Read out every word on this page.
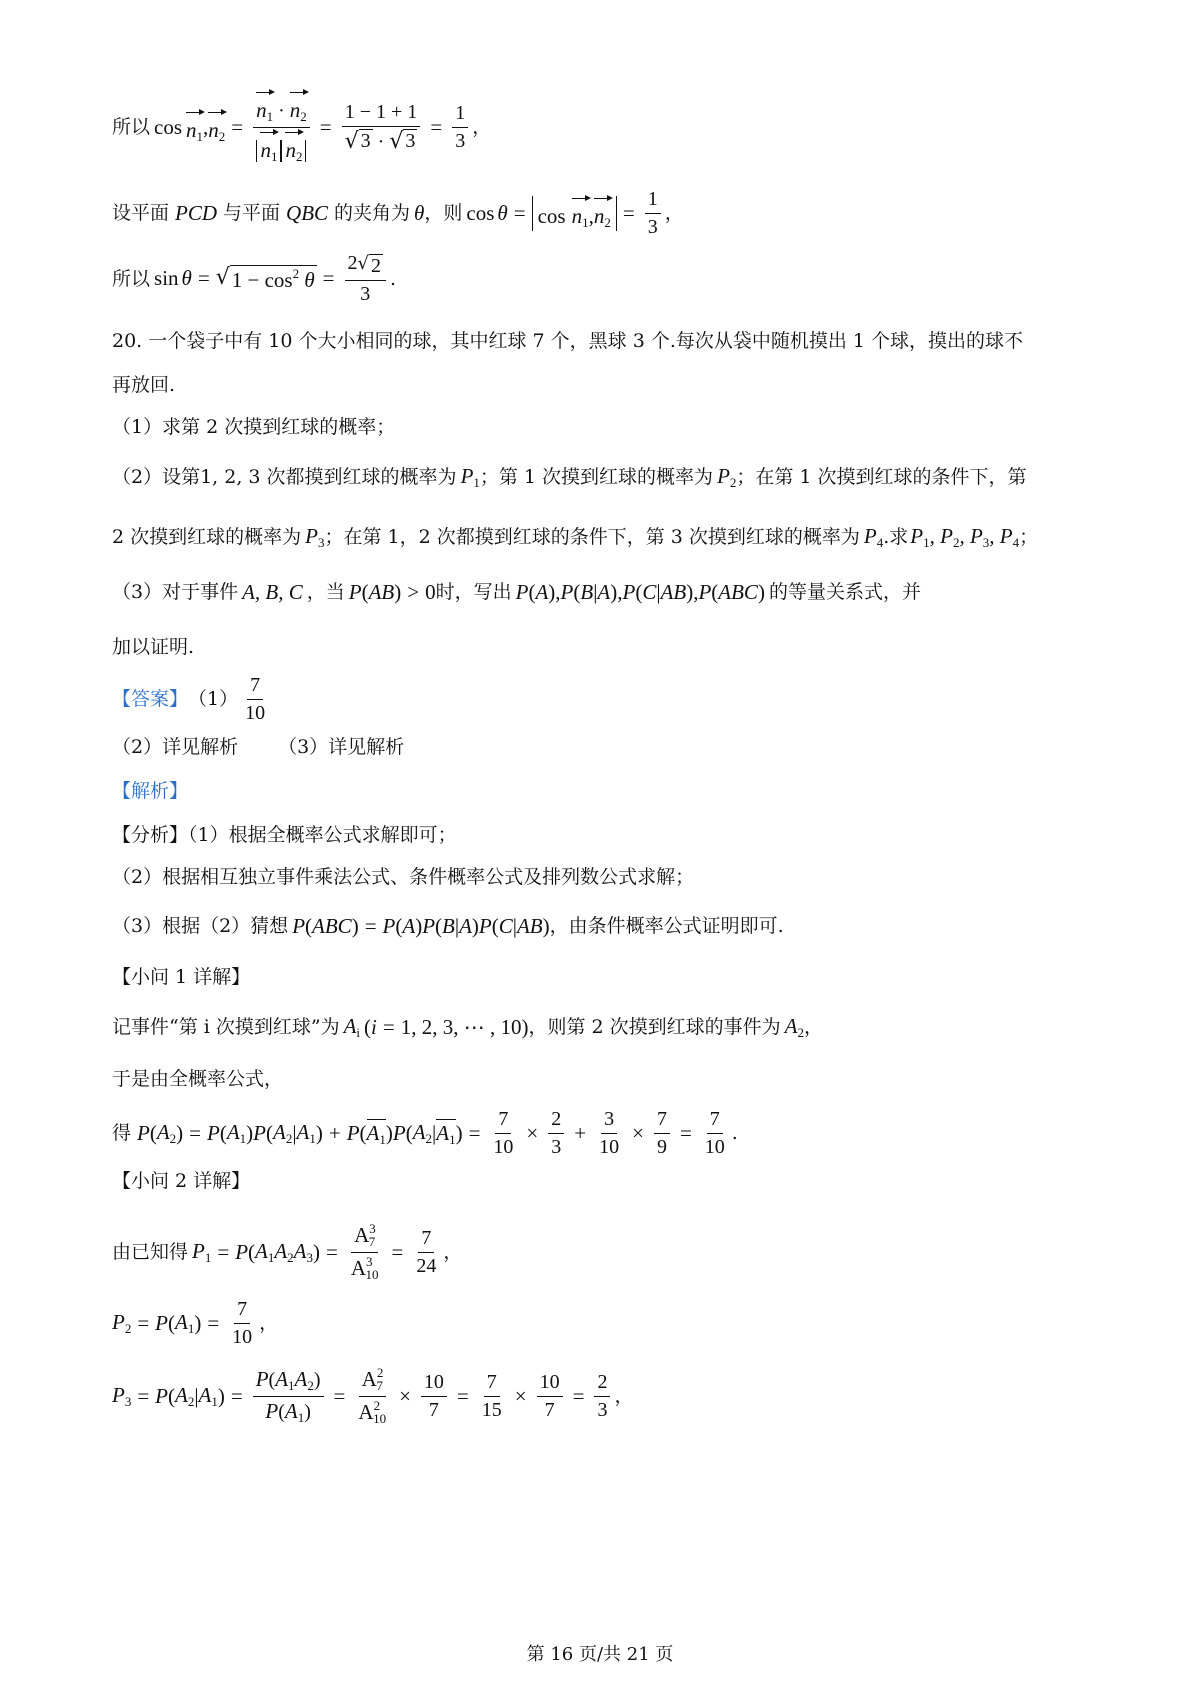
所以 $\cos n_1$ , $n_2 = \frac{n_1 \cdot n_2}{n_1 n_2} = \frac{1 - 1 + 1}{√ 3 \cdot √ 3} = \frac{1}{3}$ ，
设平面 PCD 与平面 QBC 的夹角为 θ ，则 $\cos \theta = \cos n_1,n_2 = \frac{1}{3}$ ，
所以 sin θ = √ $1 - \cos^2 \theta = \frac{2 √ 2}{3}$ .
20. 一个袋子中有 10 个大小相同的球，其中红球 7 个，黑球 3 个.每次从袋中随机摸出 1 个球，摸出的球不
再放回.
（1）求第 2 次摸到红球的概率；
（2）设第1, 2, 3 次都摸到红球的概率为 $P_1$ ；第 1 次摸到红球的概率为 $P_2$ ；在第 1 次摸到红球的条件下，第
2 次摸到红球的概率为 $P_3$ ；在第 1，2 次都摸到红球的条件下，第 3 次摸到红球的概率为 $P_4$ .求 $P_1$, $P_2$, $P_3$, $P_4$ ；
（3）对于事件 A, B, C ，当 P ( AB ) > 0 时，写出 P ( A ), P ( B | A ), P ( C | AB ), P ( ABC ) 的等量关系式，并
加以证明.
【答案】 $(1) \frac{7}{10}$
（2）详见解析 （3）详见解析
【解析】
【分析】（1）根据全概率公式求解即可；
（2）根据相互独立事件乘法公式、条件概率公式及排列数公式求解；
（3）根据（2）猜想 P ( ABC ) = P ( A ) P ( B | A ) P ( C | AB ) ，由条件概率公式证明即可.
【小问 1 详解】
记事件“第 i 次摸到红球”为 $A_i$ ( i = 1, 2, 3, ⋯ , 10) ，则第 2 次摸到红球的事件为 $A_2$ ，
于是由全概率公式，
得 P ( $A_2$ ) = P ( $A_1$ ) P ( $A_2$ | $A_1$ ) + P ( $A_1$ ) P ( $A_2$ | $A_1$ ) = $\frac{7}{10} \times \frac{2}{3} + \frac{3}{10} \times \frac{7}{9} = \frac{7}{10}$ .
【小问 2 详解】
由已知得 $P_1 = P$ ( $A_1A_2A_3$ ) = $\frac{A^3_7}{A^3_{10}} = \frac{7}{24}$ ，
$P_2 = P$ ( $A_1$ ) = $\frac{7}{10}$ ，
$P_3 = P$ ( $A_2$ | $A_1$ ) = $\frac{P(A_1A_2)}{P(A_1)} = \frac{A^2_7}{A^2_{10}} \times \frac{10}{7} = \frac{7}{15} \times \frac{10}{7} = \frac{2}{3}$ ，
第 16 页/共 21 页
